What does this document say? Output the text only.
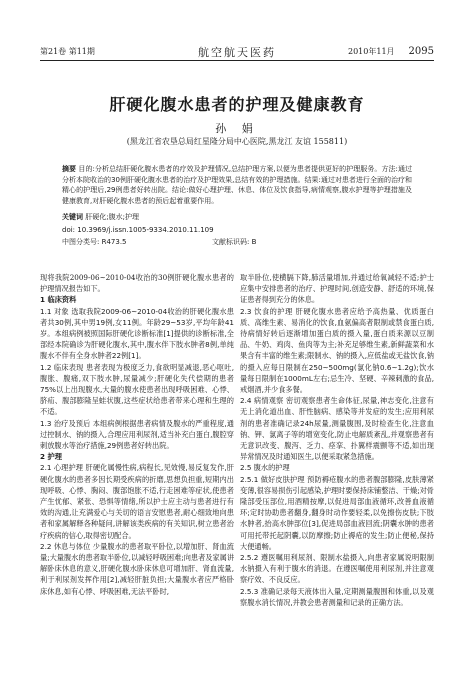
第21卷 第11期	航空航天医药	2010年11月 2095
肝硬化腹水患者的护理及健康教育
孙 娟
(黑龙江省农垦总局红星隆分局中心医院,黑龙江 友谊 155811)
摘要 目的:分析总结肝硬化腹水患者的疗效及护理情况,总结护理方案,以便为患者提供更好的护理服务。方法:通过分析本院收治的30例肝硬化腹水患者的治疗及护理效果,总结有效的护理措施。结果:通过对患者进行全面的治疗和精心的护理后,29例患者好转出院。结论:做好心理护理、休息、体位及饮食指导,病情观察,腹水护理等护理措施及健康教育,对肝硬化腹水患者的预后起着重要作用。
关键词 肝硬化;腹水;护理
doi: 10.3969/j.issn.1005-9334.2010.11.109
中图分类号: R473.5	文献标识码: B

现将我院2009-06~2010-04收治的30例肝硬化腹水患者的护理情况报告如下。

1 临床资料

1.1 对象 选取我院2009-06~2010-04收治的肝硬化腹水患者共30例,其中男19例,女11例。年龄29~53岁,平均年龄41岁。本组病例被照国际肝硬化诊断标准[1]提供的诊断标准,全部经本院确诊为肝硬化腹水,其中,腹水伴下肢水肿者8例,单纯腹水不伴有全身水肿者22例[1]。

1.2 临床表现 患者表现为极度乏力,食欲明显减退,恶心呕吐,腹胀、腹痛,双下肢水肿,尿量减少;肝硬化失代偿期的患者75%以上出现腹水,大量的腹水使患者出现呼吸困难、心悸、脐疝、腹部膨隆呈蛙状腹,这些症状给患者带来心理和生理的不适。

1.3 治疗及预后 本组病例根据患者病情及腹水的严重程度,通过控制水、钠的摄入,合理应用利尿剂,适当补充白蛋白,腹腔穿刺放腹水等治疗措施,29例患者好转出院。

2 护理

2.1 心理护理 肝硬化属慢性病,病程长,见效慢,易反复发作,肝硬化腹水的患者多因长期受疾病的折磨,思想负担重,短期内出现呼吸、心悸、胸闷、腹部饱胀不适,行走困难等症状,使患者产生忧郁、紧张、恐惧等情绪,所以护士应主动与患者进行有效的沟通,让充满爱心与关切的语言安慰患者,耐心细致地向患者和家属解释各种疑问,讲解该类疾病的有关知识,树立患者治疗疾病的信心,取得密切配合。

2.2 休息与体位 少量腹水的患者取平卧位,以增加肝、肾血流量;大量腹水的患者取半卧位,以减轻呼吸困难;向患者及家属讲解卧床休息的意义,肝硬化腹水卧床休息可增加肝、肾血流量,利于利尿剂发挥作用[2],减轻肝脏负担;大量腹水者应严格卧床休息,如有心悸、呼吸困难,无法平卧时,

取半卧位,使横膈下降,肺活量增加,并通过给氧减轻不适;护士应集中安排患者的治疗、护理时间,创造安静、舒适的环境,保证患者得到充分的休息。

2.3 饮食的护理 肝硬化腹水患者应给予高热量、优质蛋白质、高维生素、易消化的饮食,血氨偏高者限制或禁食蛋白质,待病情好转后逐渐增加蛋白质的摄入量,蛋白质来源以豆制品、牛奶、鸡肉、鱼肉等为主;补充足够维生素,新鲜蔬菜和水果含有丰富的维生素;限制水、钠的摄入,应低盐或无盐饮食,钠的摄入应每日限制在250~500mg(氯化钠0.6~1.2g);饮水量每日限制在1000mL左右;忌生冷、坚硬、辛辣刺激的食品,戒烟酒,并少食多餐。

2.4 病情观察 密切观察患者生命体征,尿量,神志变化,注意有无上消化道出血、肝性脑病、感染等并发症的发生;应用利尿剂的患者准确记录24h尿量,测量腹围,及时检查生化,注意血钠、钾、氯离子等的增宽变化,防止电解质紊乱,并观察患者有无意识改变、腹泻、乏力、痉挛、扑翼样震颤等不适,如出现异常情况及时通知医生,以便采取紧急措施。

2.5 腹水的护理

2.5.1 做好皮肤护理 预防褥疮腹水的患者腹部膨隆,皮肤薄紧变薄,很容易损伤引起感染,护理时要保持床铺整洁、干燥;对骨隆部受压部位,用酒精按摩,以促进局部血液循环,改善血液循环;定时协助患者翻身,翻身时动作要轻柔,以免擦伤皮肤;下肢水肿者,抬高水肿部位[3],促进局部血液回流;阴囊水肿的患者可用托带托起阴囊,以防摩擦;防止褥疮的发生;防止便秘,保持大便通畅。

2.5.2 遵医嘱用利尿剂、限制水盐摄入,向患者家属说明限制水钠摄入有利于腹水的消退。在遵医嘱使用利尿剂,并注意观察疗效、不良反应。

2.5.3 准确记录每天液体出入量,定期测量腹围和体重,以及观察腹水消长情况,并教会患者测量和记录的正确方法。
